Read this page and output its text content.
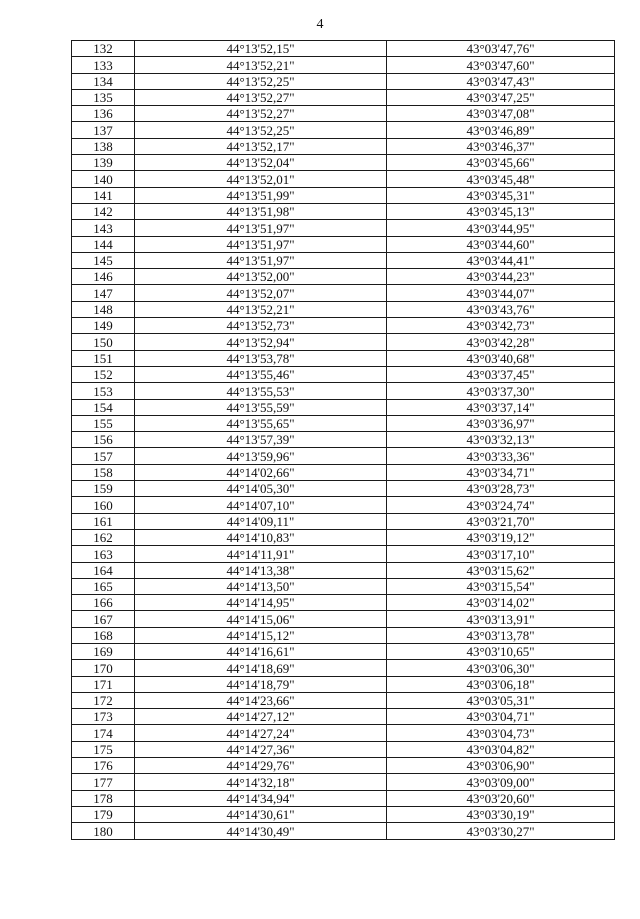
4
132	44°13'52,15"	43°03'47,76"
133	44°13'52,21"	43°03'47,60"
134	44°13'52,25"	43°03'47,43"
135	44°13'52,27"	43°03'47,25"
136	44°13'52,27"	43°03'47,08"
137	44°13'52,25"	43°03'46,89"
138	44°13'52,17"	43°03'46,37"
139	44°13'52,04"	43°03'45,66"
140	44°13'52,01"	43°03'45,48"
141	44°13'51,99"	43°03'45,31"
142	44°13'51,98"	43°03'45,13"
143	44°13'51,97"	43°03'44,95"
144	44°13'51,97"	43°03'44,60"
145	44°13'51,97"	43°03'44,41"
146	44°13'52,00"	43°03'44,23"
147	44°13'52,07"	43°03'44,07"
148	44°13'52,21"	43°03'43,76"
149	44°13'52,73"	43°03'42,73"
150	44°13'52,94"	43°03'42,28"
151	44°13'53,78"	43°03'40,68"
152	44°13'55,46"	43°03'37,45"
153	44°13'55,53"	43°03'37,30"
154	44°13'55,59"	43°03'37,14"
155	44°13'55,65"	43°03'36,97"
156	44°13'57,39"	43°03'32,13"
157	44°13'59,96"	43°03'33,36"
158	44°14'02,66"	43°03'34,71"
159	44°14'05,30"	43°03'28,73"
160	44°14'07,10"	43°03'24,74"
161	44°14'09,11"	43°03'21,70"
162	44°14'10,83"	43°03'19,12"
163	44°14'11,91"	43°03'17,10"
164	44°14'13,38"	43°03'15,62"
165	44°14'13,50"	43°03'15,54"
166	44°14'14,95"	43°03'14,02"
167	44°14'15,06"	43°03'13,91"
168	44°14'15,12"	43°03'13,78"
169	44°14'16,61"	43°03'10,65"
170	44°14'18,69"	43°03'06,30"
171	44°14'18,79"	43°03'06,18"
172	44°14'23,66"	43°03'05,31"
173	44°14'27,12"	43°03'04,71"
174	44°14'27,24"	43°03'04,73"
175	44°14'27,36"	43°03'04,82"
176	44°14'29,76"	43°03'06,90"
177	44°14'32,18"	43°03'09,00"
178	44°14'34,94"	43°03'20,60"
179	44°14'30,61"	43°03'30,19"
180	44°14'30,49"	43°03'30,27"
